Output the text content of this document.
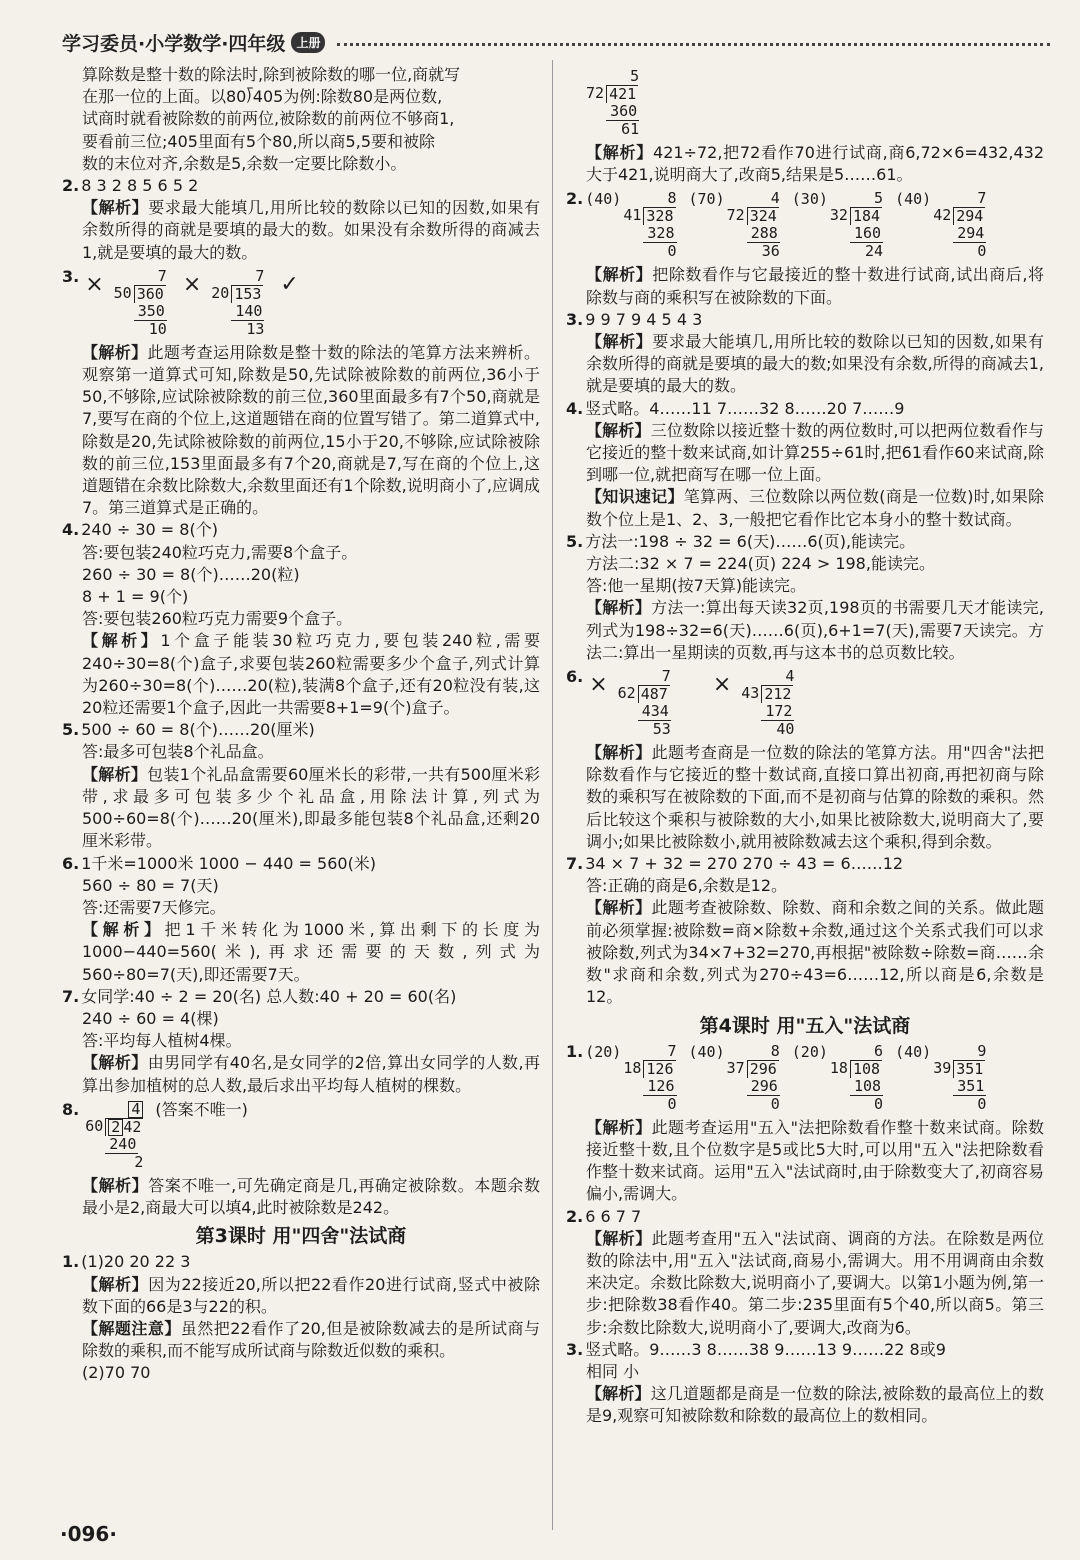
学习委员·小学数学·四年级 上册

算除数是整十数的除法时,除到被除数的哪一位,商就写

在那一位的上面。以80⟌405为例:除数80是两位数,

试商时就看被除数的前两位,被除数的前两位不够商1,

要看前三位;405里面有5个80,所以商5,5要和被除

数的末位对齐,余数是5,余数一定要比除数小。

2. 8 3 2 8 5 6 5 2

【解析】要求最大能填几,用所比较的数除以已知的因数,如果有余数所得的商就是要填的最大的数。如果没有余数所得的商减去1,就是要填的最大的数。

3. ×	7
50 360
350
10
×	7
20 153
140
13
✓

【解析】此题考查运用除数是整十数的除法的笔算方法来辨析。观察第一道算式可知,除数是50,先试除被除数的前两位,36小于50,不够除,应试除被除数的前三位,360里面最多有7个50,商就是7,要写在商的个位上,这道题错在商的位置写错了。第二道算式中,除数是20,先试除被除数的前两位,15小于20,不够除,应试除被除数的前三位,153里面最多有7个20,商就是7,写在商的个位上,这道题错在余数比除数大,余数里面还有1个除数,说明商小了,应调成7。第三道算式是正确的。

4. 240 ÷ 30 = 8(个)

答:要包装240粒巧克力,需要8个盒子。

260 ÷ 30 = 8(个)……20(粒)

8 + 1 = 9(个)

答:要包装260粒巧克力需要9个盒子。

【解析】1个盒子能装30粒巧克力,要包装240粒,需要240÷30=8(个)盒子,求要包装260粒需要多少个盒子,列式计算为260÷30=8(个)……20(粒),装满8个盒子,还有20粒没有装,这20粒还需要1个盒子,因此一共需要8+1=9(个)盒子。

5. 500 ÷ 60 = 8(个)……20(厘米)

答:最多可包装8个礼品盒。

【解析】包装1个礼品盒需要60厘米长的彩带,一共有500厘米彩带,求最多可包装多少个礼品盒,用除法计算,列式为500÷60=8(个)……20(厘米),即最多能包装8个礼品盒,还剩20厘米彩带。

6. 1千米=1000米 1000 − 440 = 560(米)

560 ÷ 80 = 7(天)

答:还需要7天修完。

【解析】把1千米转化为1000米,算出剩下的长度为1000−440=560(米),再求还需要的天数,列式为560÷80=7(天),即还需要7天。

7. 女同学:40 ÷ 2 = 20(名) 总人数:40 + 20 = 60(名)

240 ÷ 60 = 4(棵)

答:平均每人植树4棵。

【解析】由男同学有40名,是女同学的2倍,算出女同学的人数,再算出参加植树的总人数,最后求出平均每人植树的棵数。

8.	4
60 2 42
240
2
(答案不唯一)

【解析】答案不唯一,可先确定商是几,再确定被除数。本题余数最小是2,商最大可以填4,此时被除数是242。

第3课时 用"四舍"法试商

1. (1)20 20 22 3

【解析】因为22接近20,所以把22看作20进行试商,竖式中被除数下面的66是3与22的积。

【解题注意】虽然把22看作了20,但是被除数减去的是所试商与除数的乘积,而不能写成所试商与除数近似数的乘积。

(2)70 70

5
72 421
360
61

【解析】421÷72,把72看作70进行试商,商6,72×6=432,432大于421,说明商大了,改商5,结果是5……61。

2. (40)	8
41 328
328
0
(70)	4
72 324
288
36
(30)	5
32 184
160
24
(40)	7
42 294
294
0

【解析】把除数看作与它最接近的整十数进行试商,试出商后,将除数与商的乘积写在被除数的下面。

3. 9 9 7 9 4 5 4 3

【解析】要求最大能填几,用所比较的数除以已知的因数,如果有余数所得的商就是要填的最大的数;如果没有余数,所得的商减去1,就是要填的最大的数。

4. 竖式略。4……11 7……32 8……20 7……9

【解析】三位数除以接近整十数的两位数时,可以把两位数看作与它接近的整十数来试商,如计算255÷61时,把61看作60来试商,除到哪一位,就把商写在哪一位上面。

【知识速记】笔算两、三位数除以两位数(商是一位数)时,如果除数个位上是1、2、3,一般把它看作比它本身小的整十数试商。

5. 方法一:198 ÷ 32 = 6(天)……6(页),能读完。

方法二:32 × 7 = 224(页) 224 > 198,能读完。

答:他一星期(按7天算)能读完。

【解析】方法一:算出每天读32页,198页的书需要几天才能读完,列式为198÷32=6(天)……6(页),6+1=7(天),需要7天读完。方法二:算出一星期读的页数,再与这本书的总页数比较。

6. ×	7
62 487
434
53
×	4
43 212
172
40

【解析】此题考查商是一位数的除法的笔算方法。用"四舍"法把除数看作与它接近的整十数试商,直接口算出初商,再把初商与除数的乘积写在被除数的下面,而不是初商与估算的除数的乘积。然后比较这个乘积与被除数的大小,如果比被除数大,说明商大了,要调小;如果比被除数小,就用被除数减去这个乘积,得到余数。

7. 34 × 7 + 32 = 270 270 ÷ 43 = 6……12

答:正确的商是6,余数是12。

【解析】此题考查被除数、除数、商和余数之间的关系。做此题前必须掌握:被除数=商×除数+余数,通过这个关系式我们可以求被除数,列式为34×7+32=270,再根据"被除数÷除数=商……余数"求商和余数,列式为270÷43=6……12,所以商是6,余数是12。

第4课时 用"五入"法试商
1. (20)	7
18 126
126
0
(40)	8
37 296
296
0
(20)	6
18 108
108
0
(40)	9
39 351
351
0

【解析】此题考查运用"五入"法把除数看作整十数来试商。除数接近整十数,且个位数字是5或比5大时,可以用"五入"法把除数看作整十数来试商。运用"五入"法试商时,由于除数变大了,初商容易偏小,需调大。

2. 6 6 7 7

【解析】此题考查用"五入"法试商、调商的方法。在除数是两位数的除法中,用"五入"法试商,商易小,需调大。用不用调商由余数来决定。余数比除数大,说明商小了,要调大。以第1小题为例,第一步:把除数38看作40。第二步:235里面有5个40,所以商5。第三步:余数比除数大,说明商小了,要调大,改商为6。

3. 竖式略。9……3 8……38 9……13 9……22 8或9

相同 小

【解析】这几道题都是商是一位数的除法,被除数的最高位上的数是9,观察可知被除数和除数的最高位上的数相同。

·096·
